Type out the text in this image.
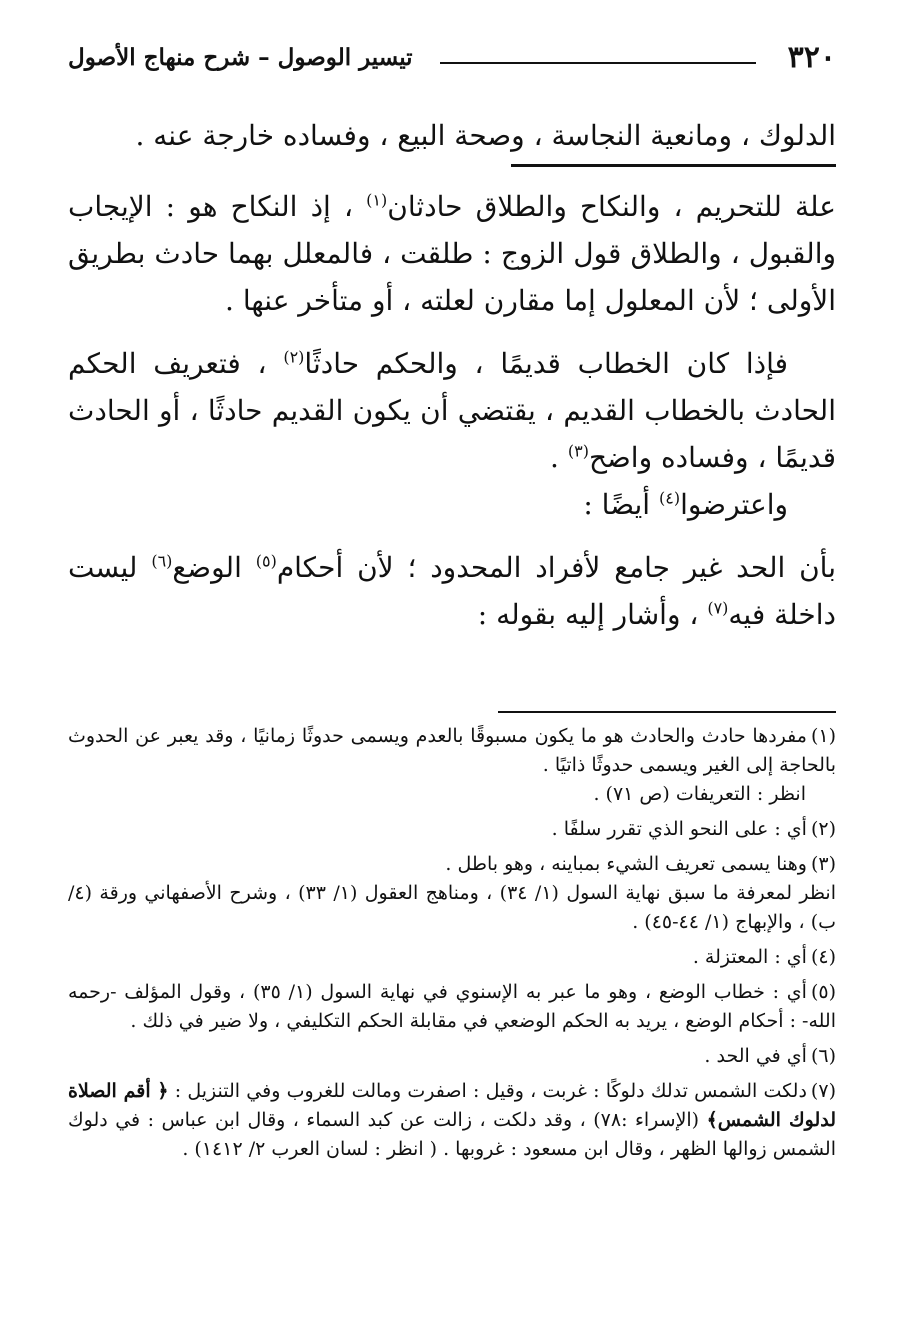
٣٢٠
تيسير الوصول – شرح منهاج الأصول

الدلوك ، ومانعية النجاسة ، وصحة البيع ، وفساده خارجة عنه .

علة للتحريم ، والنكاح والطلاق حادثان$^{(١)}$ ، إذ النكاح هو : الإيجاب والقبول ، والطلاق قول الزوج : طلقت ، فالمعلل بهما حادث بطريق الأولى ؛ لأن المعلول إما مقارن لعلته ، أو متأخر عنها .

فإذا كان الخطاب قديمًا ، والحكم حادثًا$^{(٢)}$ ، فتعريف الحكم الحادث بالخطاب القديم ، يقتضي أن يكون القديم حادثًا ، أو الحادث قديمًا ، وفساده واضح$^{(٣)}$ .

واعترضوا$^{(٤)}$ أيضًا :

بأن الحد غير جامع لأفراد المحدود ؛ لأن أحكام$^{(٥)}$ الوضع$^{(٦)}$ ليست داخلة فيه$^{(٧)}$ ، وأشار إليه بقوله :

(١)مفردها حادث والحادث هو ما يكون مسبوقًا بالعدم ويسمى حدوثًا زمانيًا ، وقد يعبر عن الحدوث بالحاجة إلى الغير ويسمى حدوثًا ذاتيًا .

انظر : التعريفات (ص ٧١) .

(٢)أي : على النحو الذي تقرر سلفًا .

(٣)وهنا يسمى تعريف الشيء بمباينه ، وهو باطل .

انظر لمعرفة ما سبق نهاية السول (١/ ٣٤) ، ومناهج العقول (١/ ٣٣) ، وشرح الأصفهاني ورقة (٤/ ب) ، والإبهاج (١/ ٤٤-٤٥) .

(٤)أي : المعتزلة .

(٥)أي : خطاب الوضع ، وهو ما عبر به الإسنوي في نهاية السول (١/ ٣٥) ، وقول المؤلف -رحمه الله- : أحكام الوضع ، يريد به الحكم الوضعي في مقابلة الحكم التكليفي ، ولا ضير في ذلك .

(٦)أي في الحد .

(٧)دلكت الشمس تدلك دلوكًا : غربت ، وقيل : اصفرت ومالت للغروب وفي التنزيل : ﴿ أقم الصلاة لدلوك الشمس﴾ (الإسراء :٧٨) ، وقد دلكت ، زالت عن كبد السماء ، وقال ابن عباس : في دلوك الشمس زوالها الظهر ، وقال ابن مسعود : غروبها . ( انظر : لسان العرب ٢/ ١٤١٢) .
